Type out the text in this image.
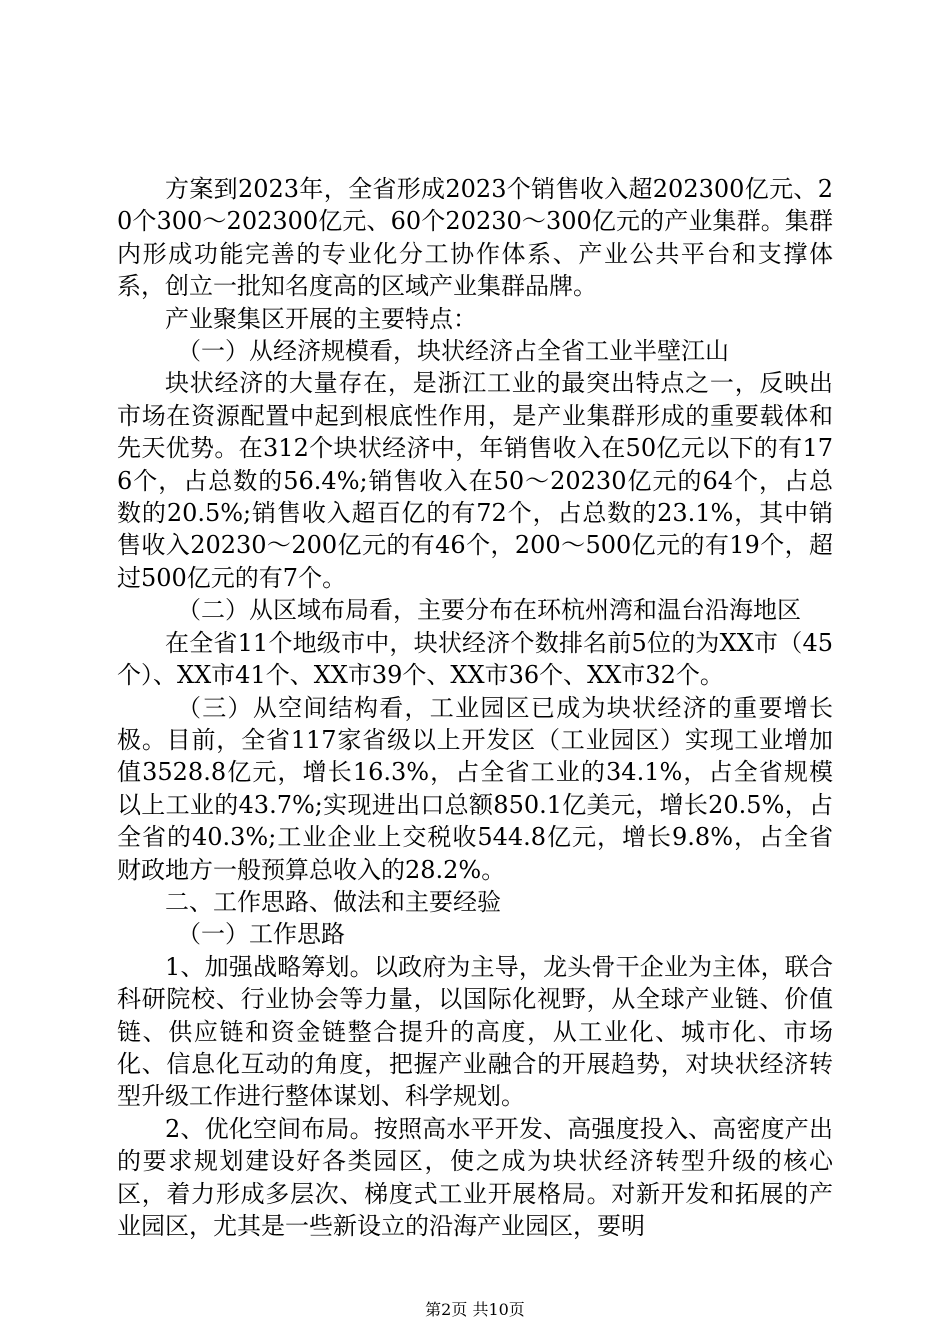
方案到2023年，全省形成2023个销售收入超202300亿元、20个300～202300亿元、60个20230～300亿元的产业集群。集群内形成功能完善的专业化分工协作体系、产业公共平台和支撑体系，创立一批知名度高的区域产业集群品牌。

产业聚集区开展的主要特点：

（一）从经济规模看，块状经济占全省工业半壁江山

块状经济的大量存在，是浙江工业的最突出特点之一，反映出市场在资源配置中起到根底性作用，是产业集群形成的重要载体和先天优势。在312个块状经济中，年销售收入在50亿元以下的有176个，占总数的56.4%;销售收入在50～20230亿元的64个，占总数的20.5%;销售收入超百亿的有72个，占总数的23.1%，其中销售收入20230～200亿元的有46个，200～500亿元的有19个，超过500亿元的有7个。

（二）从区域布局看，主要分布在环杭州湾和温台沿海地区

在全省11个地级市中，块状经济个数排名前5位的为XX市（45个）、XX市41个、XX市39个、XX市36个、XX市32个。

（三）从空间结构看，工业园区已成为块状经济的重要增长极。目前，全省117家省级以上开发区（工业园区）实现工业增加值3528.8亿元，增长16.3%，占全省工业的34.1%，占全省规模以上工业的43.7%;实现进出口总额850.1亿美元，增长20.5%，占全省的40.3%;工业企业上交税收544.8亿元，增长9.8%，占全省财政地方一般预算总收入的28.2%。

二、工作思路、做法和主要经验

（一）工作思路

1、加强战略筹划。以政府为主导，龙头骨干企业为主体，联合科研院校、行业协会等力量，以国际化视野，从全球产业链、价值链、供应链和资金链整合提升的高度，从工业化、城市化、市场化、信息化互动的角度，把握产业融合的开展趋势，对块状经济转型升级工作进行整体谋划、科学规划。

2、优化空间布局。按照高水平开发、高强度投入、高密度产出的要求规划建设好各类园区，使之成为块状经济转型升级的核心区，着力形成多层次、梯度式工业开展格局。对新开发和拓展的产业园区，尤其是一些新设立的沿海产业园区，要明

第2页 共10页
